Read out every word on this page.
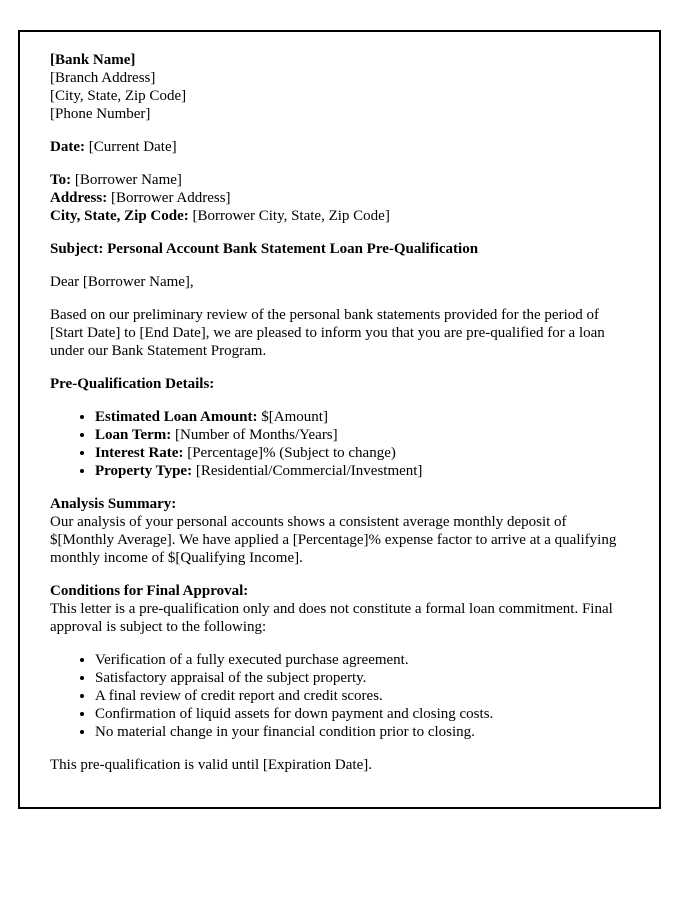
[Bank Name]
[Branch Address]
[City, State, Zip Code]
[Phone Number]

Date: [Current Date]

To: [Borrower Name]
Address: [Borrower Address]
City, State, Zip Code: [Borrower City, State, Zip Code]

Subject: Personal Account Bank Statement Loan Pre-Qualification

Dear [Borrower Name],

Based on our preliminary review of the personal bank statements provided for the period of [Start Date] to [End Date], we are pleased to inform you that you are pre-qualified for a loan under our Bank Statement Program.

Pre-Qualification Details:

• Estimated Loan Amount: $[Amount]
• Loan Term: [Number of Months/Years]
• Interest Rate: [Percentage]% (Subject to change)
• Property Type: [Residential/Commercial/Investment]

Analysis Summary:
Our analysis of your personal accounts shows a consistent average monthly deposit of $[Monthly Average]. We have applied a [Percentage]% expense factor to arrive at a qualifying monthly income of $[Qualifying Income].

Conditions for Final Approval:
This letter is a pre-qualification only and does not constitute a formal loan commitment. Final approval is subject to the following:

• Verification of a fully executed purchase agreement.
• Satisfactory appraisal of the subject property.
• A final review of credit report and credit scores.
• Confirmation of liquid assets for down payment and closing costs.
• No material change in your financial condition prior to closing.

This pre-qualification is valid until [Expiration Date].
